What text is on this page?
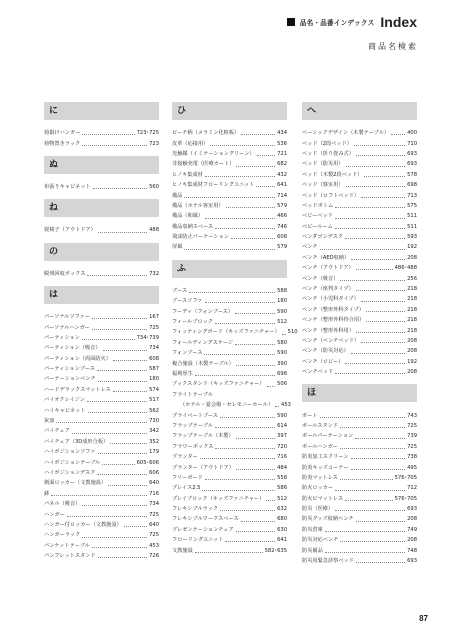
品名・品番インデックス Index
商品名検索
に
荷掛けハンガー	723･725
荷物置きラック	723
ぬ
布張りキャビネット	560
ね
寝椅子（アウトドア）	488
の
脱残回収ボックス	732
は
パーソナルソファー	167
パーソナルハンガー	725
パーティション	734･739
パーティション（吸音）	734
パーティション（両面防火）	608
パーティションブース	587
パーテーションベンチ	180
ハードデラックスマットレス	574
バイオクレイジン	517
ハイキャビネット	562
灰皿	730
バイチェア	342
バイチェア（3D成形合板）	352
ハイポジションソファ	179
ハイポジションテーブル	605･606
ハイポジションデスク	606
剣面ロッカー（文教施設）	640
鉢	716
パネル（吸音）	734
ハンガー	725
ハンガー付ロッカー（文教施設）	640
ハンガーラック	725
パンケットテーブル	453
パンフレットスタンド	726
ひ
ピーチ柄（メラミン化粧板）	434
皮革（応接用）	536
光触媒（イミテーショングリーン）	721
非接触充電（医療カート）	682
ヒノキ集成材	432
ヒノキ集成材フローリングユニット	641
備品	714
備品（ホテル客室用）	579
備品（和風）	466
備品収納スペース	746
飛沫防止パーテーション	608
屏風	579
ふ
ブース	588
ブースソファ	180
フーディ（フォンブース）	590
フィールブロック	512
フィッティングボード（キッズファニチャー） 510
フォールディングステージ	580
フォンブース	590
複合施設（木製テーブル）	390
福利厚生	698
ブックスタンド（キッズファニチャー） 506
フライトテーブル
（ホテル・宴会場・セレモニーホール） 453
プライベートブース	590
フラップテーブル	614
フラップテーブル（木製）	397
フラワーボックス	720
プランター	716
プランター（アウトドア）	484
フリーボード	558
プレイス2.5	586
プレイブロック（キッズファニチャー） 512
フレキシブルラック	632
フレキシブルワークスペース	680
プレゼンテーションチェア	630
フローリングユニット	641
文教施設	582･635
へ
ベーシックデザイン（木製テーブル）	400
ベッド（2段ベッド）	710
ベッド（折り畳み式）	693
ベッド（防災用）	693
ベッド（木製2段ベッド）	578
ベッド（寮室用）	698
ベッド（ロフトベッド）	713
ベッドボトム	575
ベビーベッド	511
ベビールーム	511
ペンダゴンデスク	593
ベンチ	192
ベンチ（AED収納）	208
ベンチ（アウトドア）	486･488
ベンチ（吸音）	256
ベンチ（座判タイプ）	218
ベンチ（小児科タイプ）	218
ベンチ（整形外科タイプ）	218
ベンチ（整形外科待合用）	218
ベンチ（整形外科用）	218
ベンチ（ベンチベッド）	208
ベンチ（防災対応）	208
ベンチ（ロビー）	192
ベンチベッド	208
ほ
ポート	743
ポールスタンド	725
ポールパーテーション	739
ポールハンガー	725
防炎加工スクリーン	738
防炎キッズコーナー	495
防炎マットレス	576･705
防火ロッカー	712
防火ピマットレス	576･705
防災（医療）	693
防災グッズ収納ベンチ	208
防災倉庫	749
防災対応ベンチ	208
防災備品	748
防災用緊急診察ベッド	693
87
